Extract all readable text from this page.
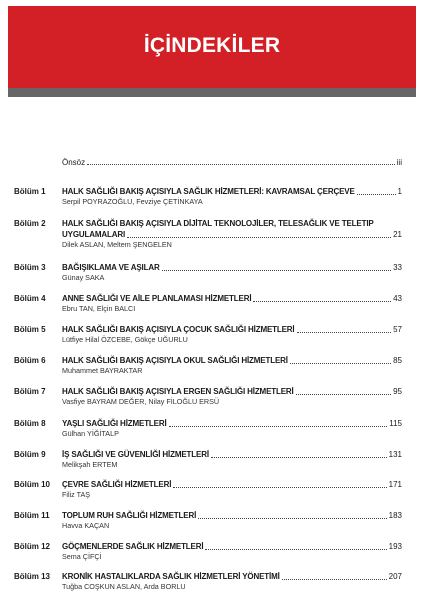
İÇİNDEKİLER
Önsöz	iii
Bölüm 1	HALK SAĞLIĞI BAKIŞ AÇISIYLA SAĞLIK HİZMETLERİ: KAVRAMSAL ÇERÇEVE	1
Serpil POYRAZOĞLU, Fevziye ÇETİNKAYA
Bölüm 2	HALK SAĞLIĞI BAKIŞ AÇISIYLA DİJİTAL TEKNOLOJİLER, TELESAĞLIK VE TELETIP
UYGULAMALARI	21
Dilek ASLAN, Meltem ŞENGELEN
Bölüm 3	BAĞIŞIKLAMA VE AŞILAR	33
Günay SAKA
Bölüm 4	ANNE SAĞLIĞI VE AİLE PLANLAMASI HİZMETLERİ	43
Ebru TAN, Elçin BALCI
Bölüm 5	HALK SAĞLIĞI BAKIŞ AÇISIYLA ÇOCUK SAĞLIĞI HİZMETLERİ	57
Lütfiye Hilal ÖZCEBE, Gökçe UĞURLU
Bölüm 6	HALK SAĞLIĞI BAKIŞ AÇISIYLA OKUL SAĞLIĞI HİZMETLERİ	85
Muhammet BAYRAKTAR
Bölüm 7	HALK SAĞLIĞI BAKIŞ AÇISIYLA ERGEN SAĞLIĞI HİZMETLERİ	95
Vasfiye BAYRAM DEĞER, Nilay FİLOĞLU ERSÜ
Bölüm 8	YAŞLI SAĞLIĞI HİZMETLERİ	115
Gülhan YİĞİTALP
Bölüm 9	İŞ SAĞLIĞI VE GÜVENLİĞİ HİZMETLERİ	131
Melikşah ERTEM
Bölüm 10	ÇEVRE SAĞLIĞI HİZMETLERİ	171
Filiz TAŞ
Bölüm 11	TOPLUM RUH SAĞLIĞI HİZMETLERİ	183
Havva KAÇAN
Bölüm 12	GÖÇMENLERDE SAĞLIK HİZMETLERİ	193
Sema ÇİFÇİ
Bölüm 13	KRONİK HASTALIKLARDA SAĞLIK HİZMETLERİ YÖNETİMİ	207
Tuğba COŞKUN ASLAN, Arda BORLU
